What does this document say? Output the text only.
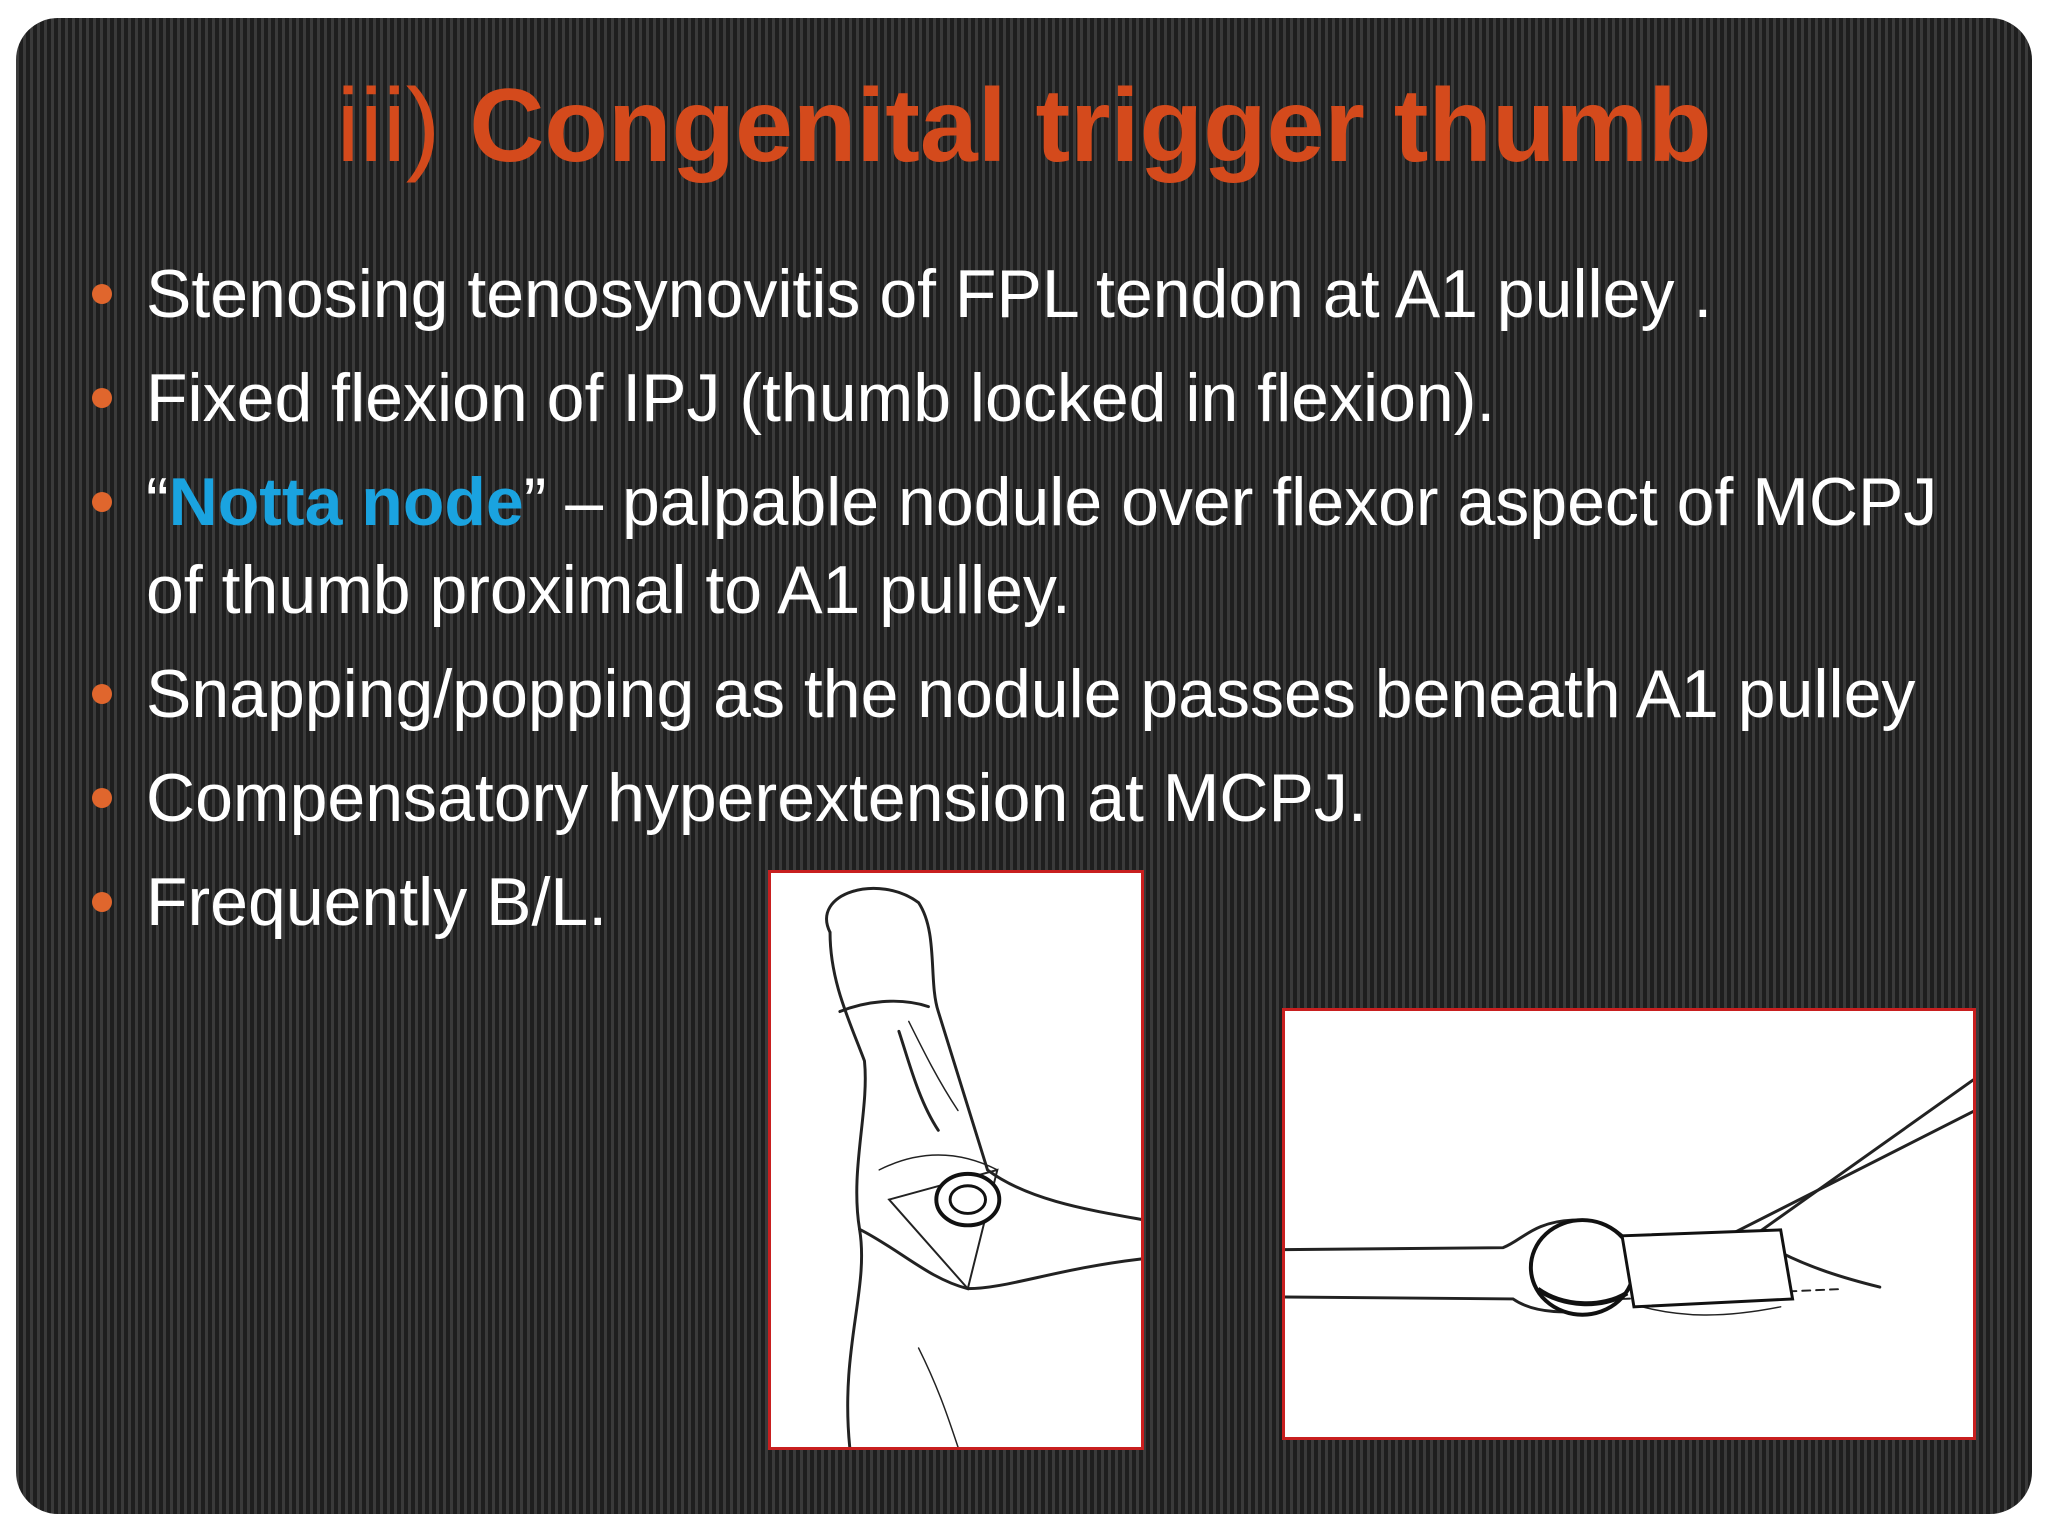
iii) Congenital trigger thumb
Stenosing tenosynovitis of FPL tendon at A1 pulley .
Fixed flexion of IPJ (thumb locked in flexion).
“Notta node” – palpable nodule over flexor aspect of MCPJ of thumb proximal to A1 pulley.
Snapping/popping as the nodule passes beneath A1 pulley
Compensatory hyperextension at MCPJ.
Frequently B/L.
